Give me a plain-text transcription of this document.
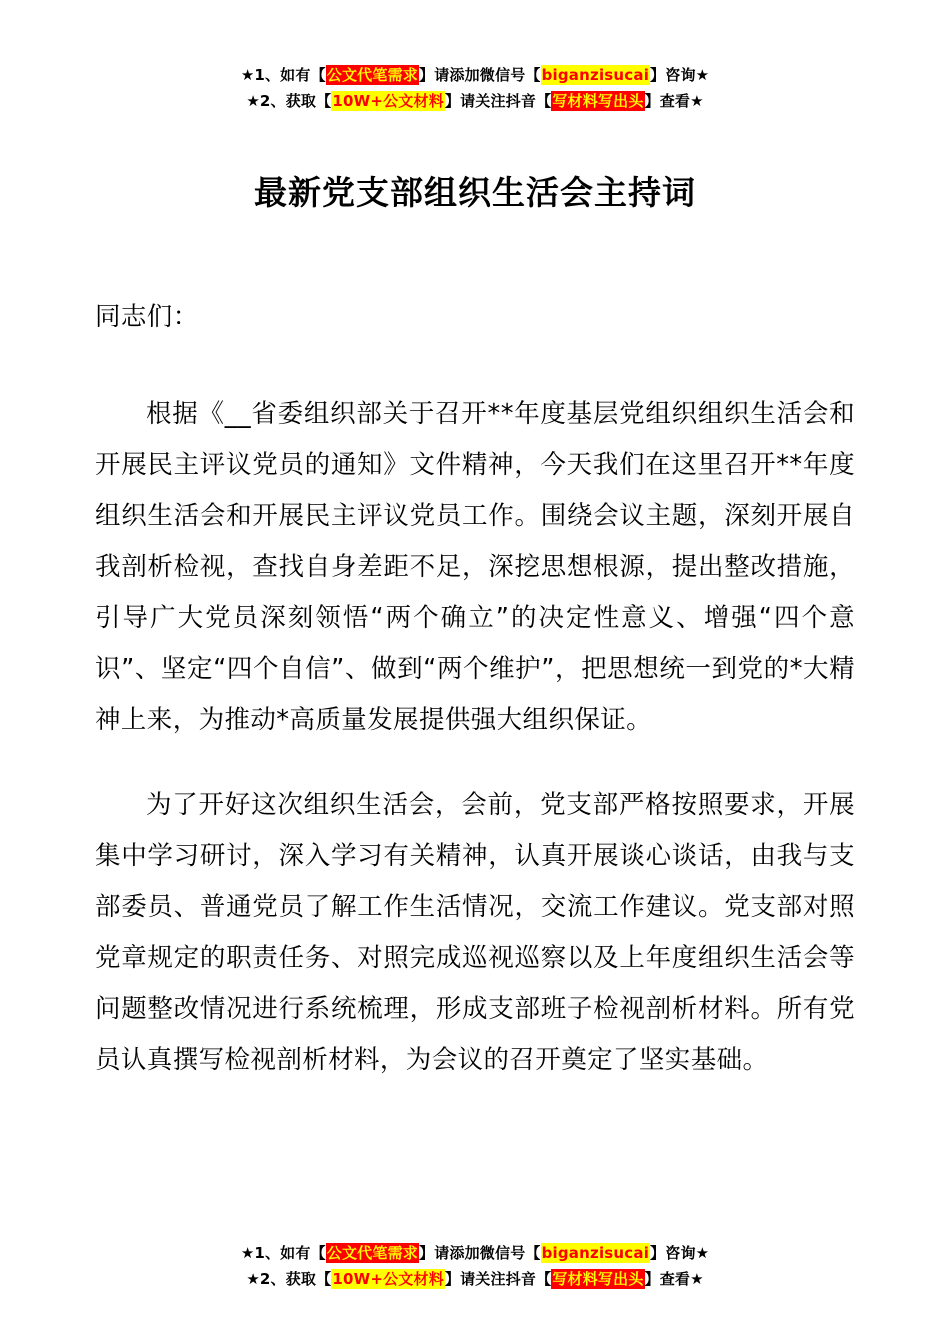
★1、如有【公文代笔需求】请添加微信号【biganzisucai】咨询★
★2、获取【10W+公文材料】请关注抖音【写材料写出头】查看★
最新党支部组织生活会主持词

同志们：

根据《__省委组织部关于召开**年度基层党组织组织生活会和开展民主评议党员的通知》文件精神，今天我们在这里召开**年度组织生活会和开展民主评议党员工作。围绕会议主题，深刻开展自我剖析检视，查找自身差距不足，深挖思想根源，提出整改措施，引导广大党员深刻领悟“两个确立”的决定性意义、增强“四个意识”、坚定“四个自信”、做到“两个维护”，把思想统一到党的*大精神上来，为推动*高质量发展提供强大组织保证。

为了开好这次组织生活会，会前，党支部严格按照要求，开展集中学习研讨，深入学习有关精神，认真开展谈心谈话，由我与支部委员、普通党员了解工作生活情况，交流工作建议。党支部对照党章规定的职责任务、对照完成巡视巡察以及上年度组织生活会等问题整改情况进行系统梳理，形成支部班子检视剖析材料。所有党员认真撰写检视剖析材料，为会议的召开奠定了坚实基础。

★1、如有【公文代笔需求】请添加微信号【biganzisucai】咨询★
★2、获取【10W+公文材料】请关注抖音【写材料写出头】查看★
